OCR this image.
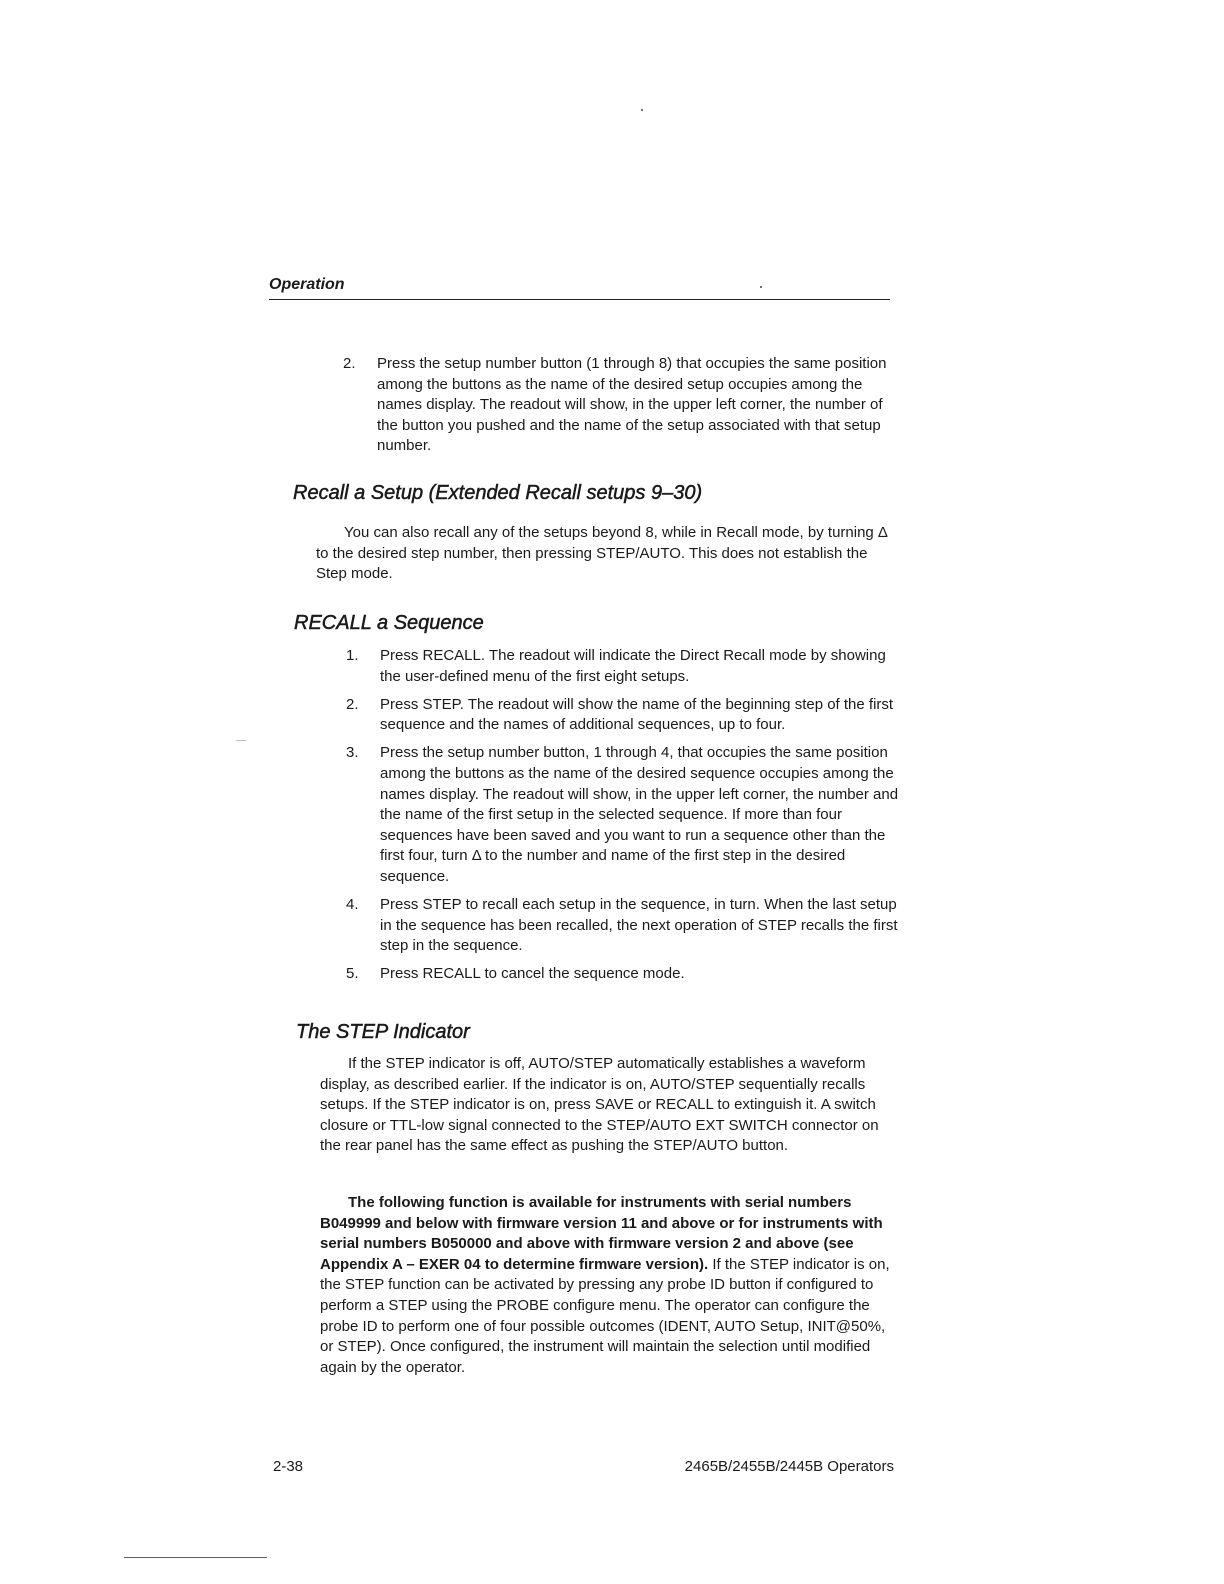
Operation
2. Press the setup number button (1 through 8) that occupies the same position among the buttons as the name of the desired setup occupies among the names display. The readout will show, in the upper left corner, the number of the button you pushed and the name of the setup associated with that setup number.
Recall a Setup (Extended Recall setups 9–30)

You can also recall any of the setups beyond 8, while in Recall mode, by turning Δ to the desired step number, then pressing STEP/AUTO. This does not establish the Step mode.

RECALL a Sequence
1. Press RECALL. The readout will indicate the Direct Recall mode by showing the user-defined menu of the first eight setups.
2. Press STEP. The readout will show the name of the beginning step of the first sequence and the names of additional sequences, up to four.
3. Press the setup number button, 1 through 4, that occupies the same position among the buttons as the name of the desired sequence occupies among the names display. The readout will show, in the upper left corner, the number and the name of the first setup in the selected sequence. If more than four sequences have been saved and you want to run a sequence other than the first four, turn Δ to the number and name of the first step in the desired sequence.
4. Press STEP to recall each setup in the sequence, in turn. When the last setup in the sequence has been recalled, the next operation of STEP recalls the first step in the sequence.
5. Press RECALL to cancel the sequence mode.
The STEP Indicator

If the STEP indicator is off, AUTO/STEP automatically establishes a waveform display, as described earlier. If the indicator is on, AUTO/STEP sequentially recalls setups. If the STEP indicator is on, press SAVE or RECALL to extinguish it. A switch closure or TTL-low signal connected to the STEP/AUTO EXT SWITCH connector on the rear panel has the same effect as pushing the STEP/AUTO button.

The following function is available for instruments with serial numbers B049999 and below with firmware version 11 and above or for instruments with serial numbers B050000 and above with firmware version 2 and above (see Appendix A – EXER 04 to determine firmware version). If the STEP indicator is on, the STEP function can be activated by pressing any probe ID button if configured to perform a STEP using the PROBE configure menu. The operator can configure the probe ID to perform one of four possible outcomes (IDENT, AUTO Setup, INIT@50%, or STEP). Once configured, the instrument will maintain the selection until modified again by the operator.

2-38	2465B/2455B/2445B Operators
